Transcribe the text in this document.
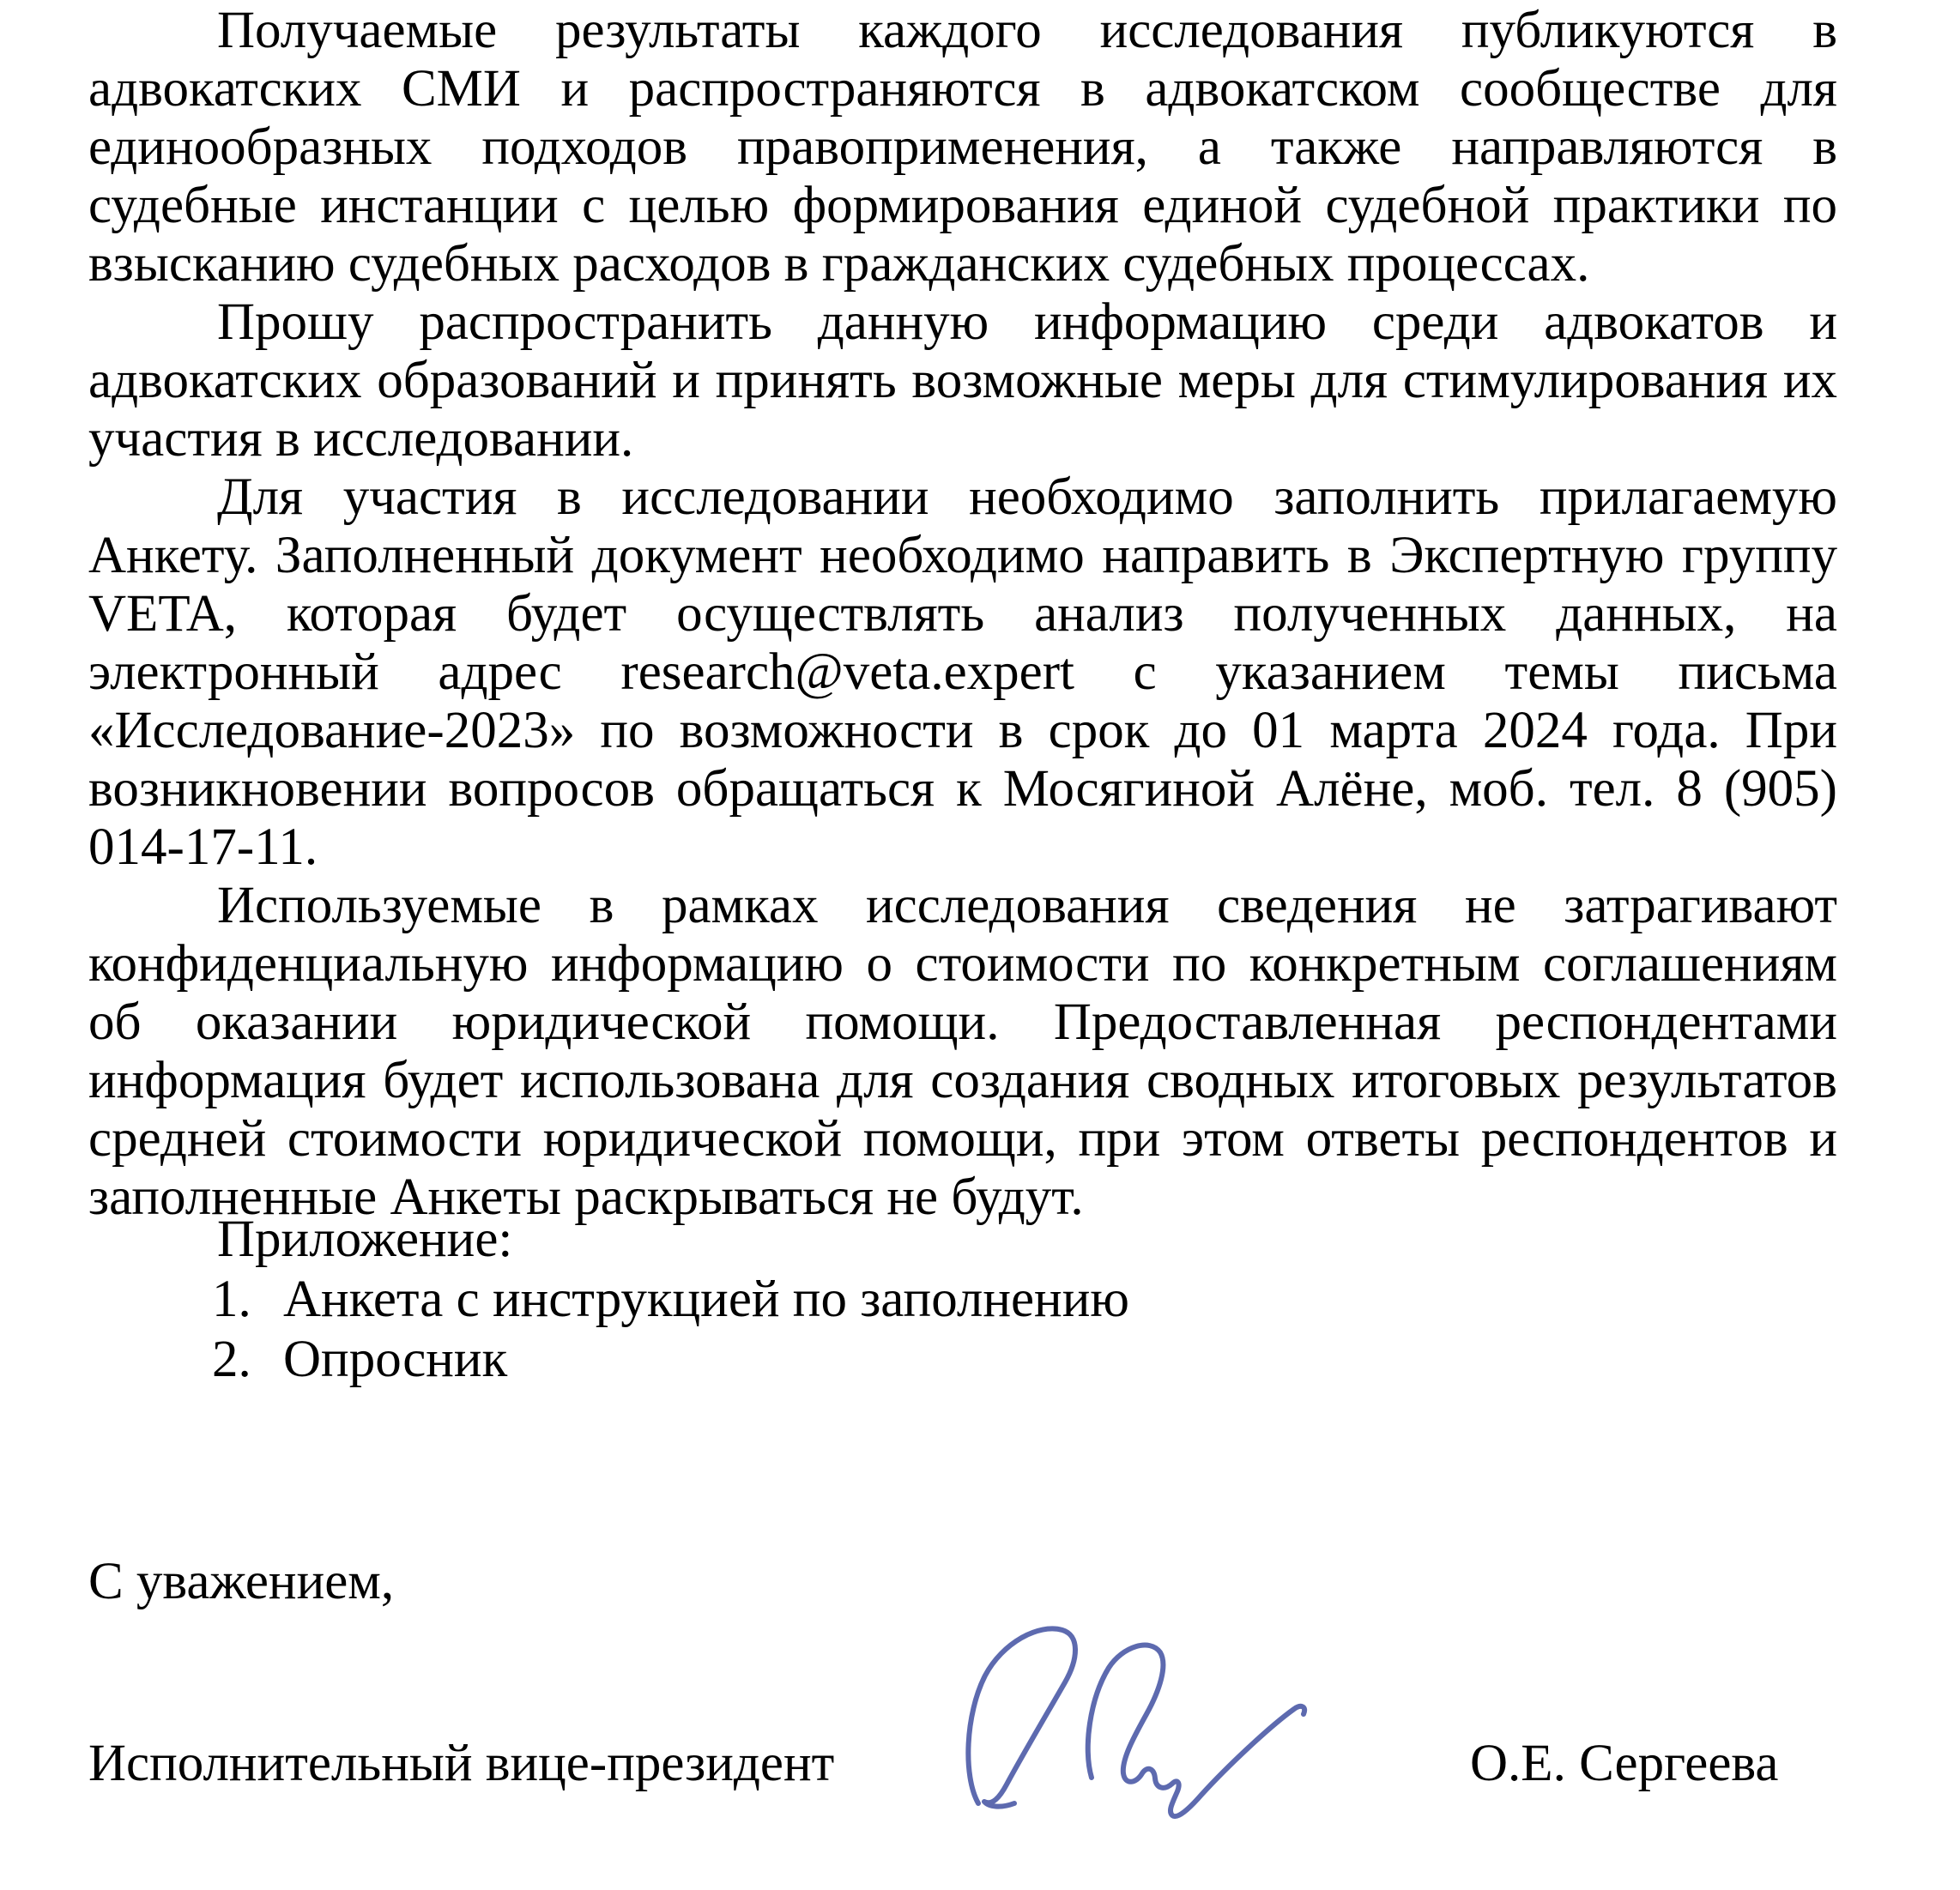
Получаемые результаты каждого исследования публикуются в адвокатских СМИ и распространяются в адвокатском сообществе для единообразных подходов правоприменения, а также направляются в судебные инстанции с целью формирования единой судебной практики по взысканию судебных расходов в гражданских судебных процессах.

Прошу распространить данную информацию среди адвокатов и адвокатских образований и принять возможные меры для стимулирования их участия в исследовании.

Для участия в исследовании необходимо заполнить прилагаемую Анкету. Заполненный документ необходимо направить в Экспертную группу VETA, которая будет осуществлять анализ полученных данных, на электронный адрес research@veta.expert с указанием темы письма «Исследование-2023» по возможности в срок до 01 марта 2024 года. При возникновении вопросов обращаться к Мосягиной Алёне, моб. тел. 8 (905) 014-17-11.

Используемые в рамках исследования сведения не затрагивают конфиденциальную информацию о стоимости по конкретным соглашениям об оказании юридической помощи. Предоставленная респондентами информация будет использована для создания сводных итоговых результатов средней стоимости юридической помощи, при этом ответы респондентов и заполненные Анкеты раскрываться не будут.

Приложение:

1. Анкета с инструкцией по заполнению
2. Опросник

С уважением,

Исполнительный вице-президент	О.Е. Сергеева
